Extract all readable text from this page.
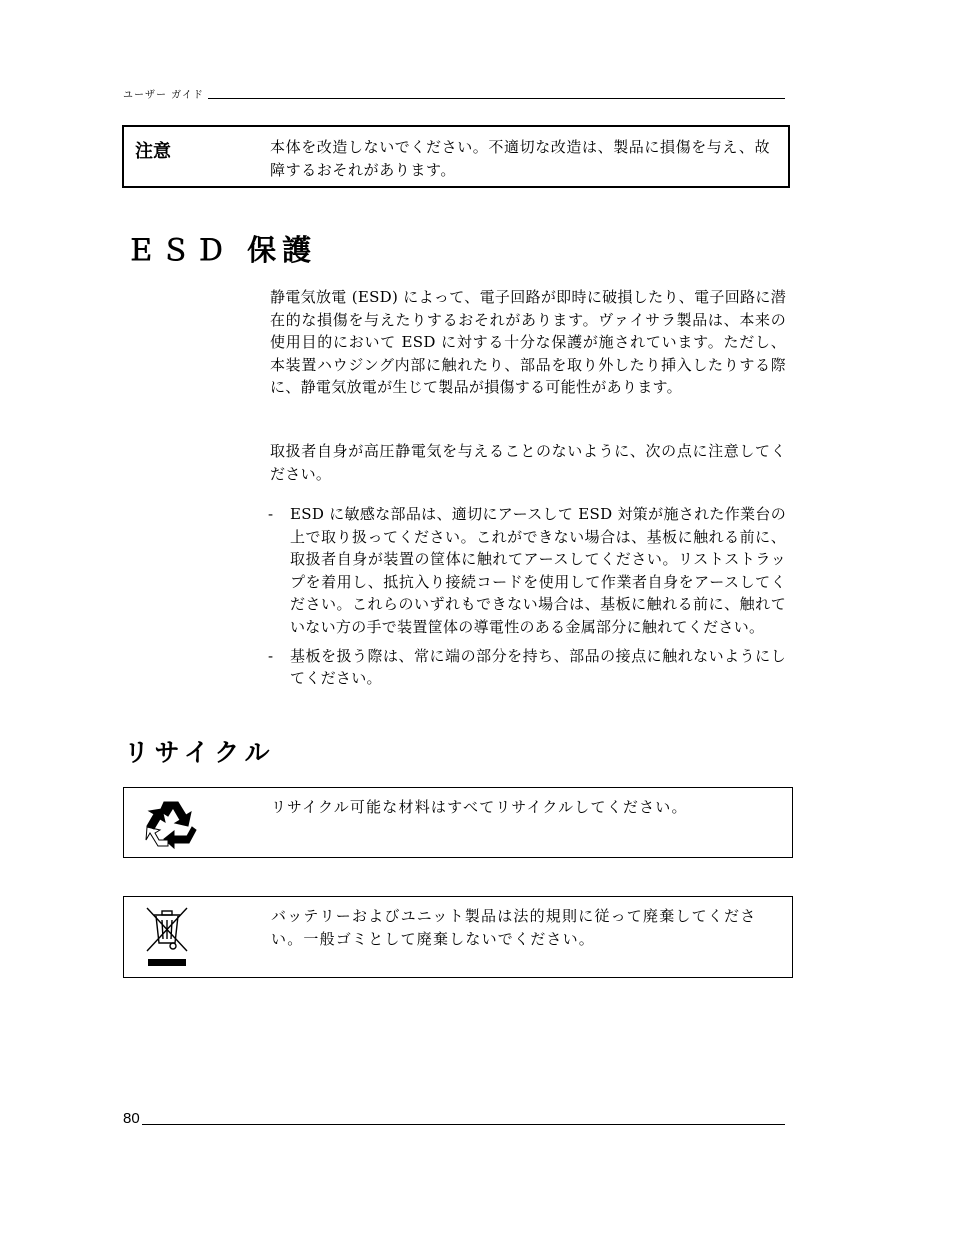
ユーザー ガイド
注意	本体を改造しないでください。不適切な改造は、製品に損傷を与え、故障するおそれがあります。
ＥＳＤ 保護

静電気放電 (ESD) によって、電子回路が即時に破損したり、電子回路に潜在的な損傷を与えたりするおそれがあります。ヴァイサラ製品は、本来の使用目的において ESD に対する十分な保護が施されています。ただし、本装置ハウジング内部に触れたり、部品を取り外したり挿入したりする際に、静電気放電が生じて製品が損傷する可能性があります。

取扱者自身が高圧静電気を与えることのないように、次の点に注意してください。

- ESD に敏感な部品は、適切にアースして ESD 対策が施された作業台の上で取り扱ってください。これができない場合は、基板に触れる前に、取扱者自身が装置の筐体に触れてアースしてください。リストストラップを着用し、抵抗入り接続コードを使用して作業者自身をアースしてください。これらのいずれもできない場合は、基板に触れる前に、触れていない方の手で装置筐体の導電性のある金属部分に触れてください。
- 基板を扱う際は、常に端の部分を持ち、部品の接点に触れないようにしてください。
リサイクル
リサイクル可能な材料はすべてリサイクルしてください。
バッテリーおよびユニット製品は法的規則に従って廃棄してください。一般ゴミとして廃棄しないでください。
80
